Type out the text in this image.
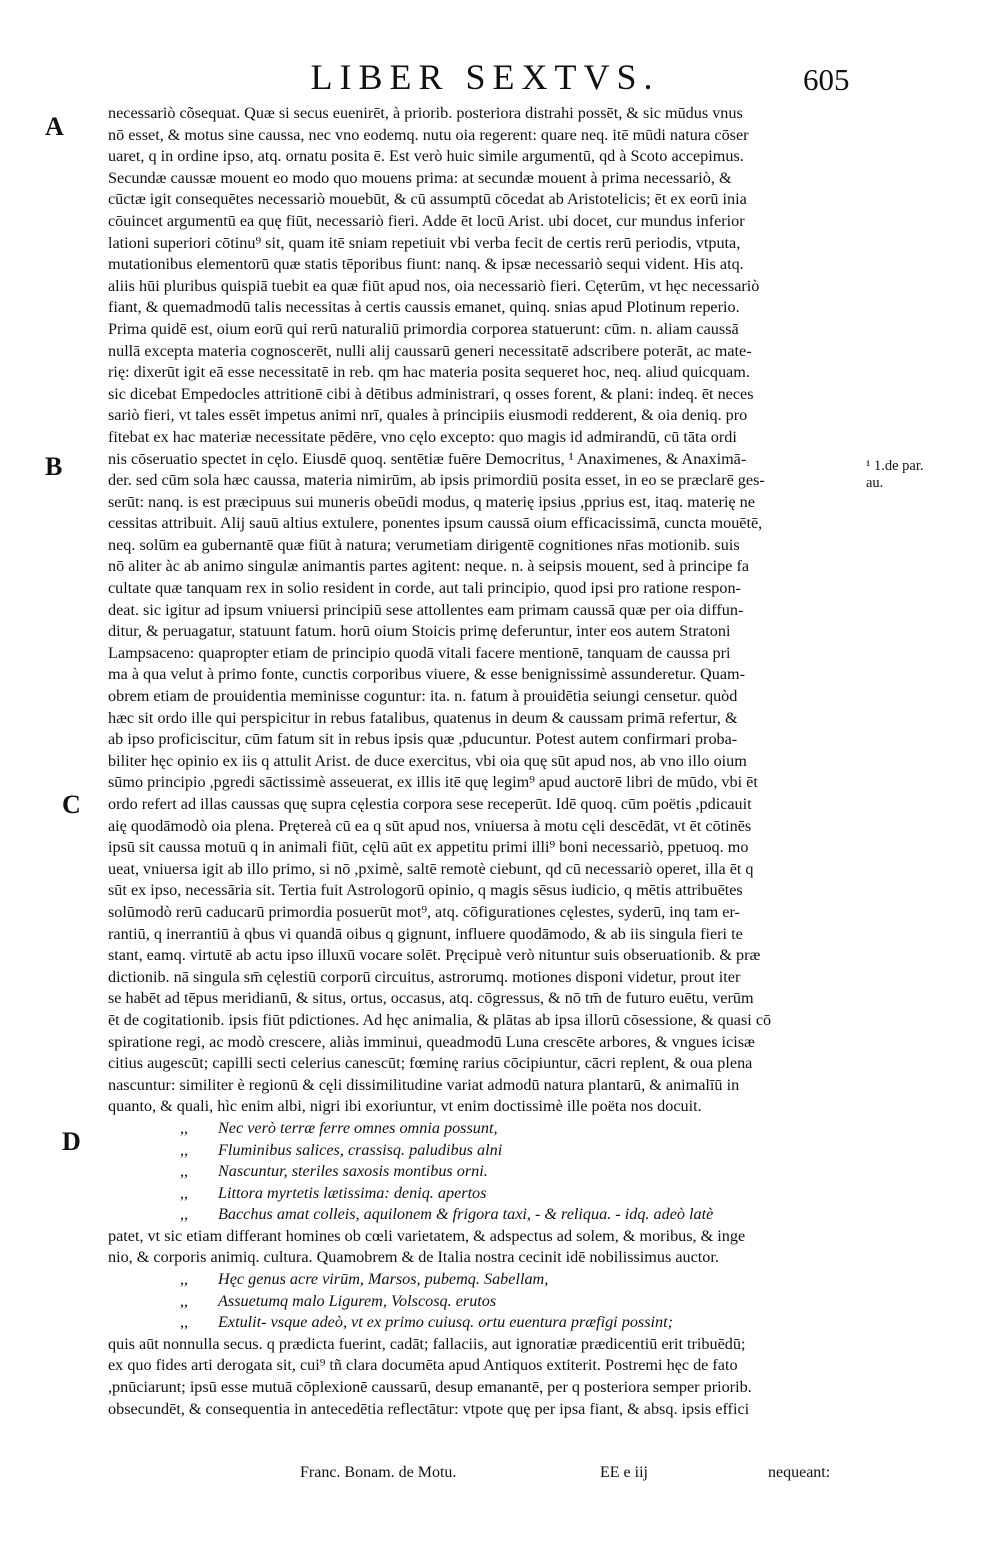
LIBER SEXTVS.	605
A
B
C
D
¹ 1.de par.
au.
necessariò cõsequat. Quæ si secus euenirēt, à priorib. posteriora distrahi possēt, & sic mūdus vnus
nō esset, & motus sine caussa, nec vno eodemq. nutu oia regerent: quare neq. itē mūdi natura cōser
uaret, q in ordine ipso, atq. ornatu posita ē. Est verò huic simile argumentū, qd à Scoto accepimus.
Secundæ caussæ mouent eo modo quo mouens prima: at secundæ mouent à prima necessariò, &
cūctæ igit consequētes necessariò mouebūt, & cū assumptū cōcedat ab Aristotelicis; ēt ex eorū inia
cōuincet argumentū ea quę fiūt, necessariò fieri. Adde ēt locū Arist. ubi docet, cur mundus inferior
lationi superiori cōtinu⁹ sit, quam itē sniam repetiuit vbi verba fecit de certis rerū periodis, vtputa,
mutationibus elementorū quæ statis tēporibus fiunt: nanq. & ipsæ necessariò sequi vident. His atq.
aliis hūi pluribus quispiā tuebit ea quæ fiūt apud nos, oia necessariò fieri. Cęterūm, vt hęc necessariò
fiant, & quemadmodū talis necessitas à certis caussis emanet, quinq. snias apud Plotinum reperio.
Prima quidē est, oium eorū qui rerū naturaliū primordia corporea statuerunt: cūm. n. aliam caussā
nullā excepta materia cognoscerēt, nulli alij caussarū generi necessitatē adscribere poterāt, ac mate-
rię: dixerūt igit eā esse necessitatē in reb. qm hac materia posita sequeret hoc, neq. aliud quicquam.
sic dicebat Empedocles attritionē cibi à dētibus administrari, q osses forent, & plani: indeq. ēt neces
sariò fieri, vt tales essēt impetus animi nrī, quales à principiis eiusmodi redderent, & oia deniq. pro
fitebat ex hac materiæ necessitate pēdēre, vno cęlo excepto: quo magis id admirandū, cū tāta ordi
nis cōseruatio spectet in cęlo. Eiusdē quoq. sentētiæ fuēre Democritus, ¹ Anaximenes, & Anaximā-
der. sed cūm sola hæc caussa, materia nimirūm, ab ipsis primordiū posita esset, in eo se præclarē ges-
serūt: nanq. is est præcipuus sui muneris obeūdi modus, q materię ipsius ,pprius est, itaq. materię ne
cessitas attribuit. Alij sauū altius extulere, ponentes ipsum caussā oium efficacissimā, cuncta mouētē,
neq. solūm ea gubernantē quæ fiūt à natura; verumetiam dirigentē cognitiones nr̄as motionib. suis
nō aliter àc ab animo singulæ animantis partes agitent: neque. n. à seipsis mouent, sed à principe fa
cultate quæ tanquam rex in solio resident in corde, aut tali principio, quod ipsi pro ratione respon-
deat. sic igitur ad ipsum vniuersi principiū sese attollentes eam primam caussā quæ per oia diffun-
ditur, & peruagatur, statuunt fatum. horū oium Stoicis primę deferuntur, inter eos autem Stratoni
Lampsaceno: quapropter etiam de principio quodā vitali facere mentionē, tanquam de caussa pri
ma à qua velut à primo fonte, cunctis corporibus viuere, & esse benignissimè assunderetur. Quam-
obrem etiam de prouidentia meminisse coguntur: ita. n. fatum à prouidētia seiungi censetur. quòd
hæc sit ordo ille qui perspicitur in rebus fatalibus, quatenus in deum & caussam primā refertur, &
ab ipso proficiscitur, cūm fatum sit in rebus ipsis quæ ,pducuntur. Potest autem confirmari proba-
biliter hęc opinio ex iis q attulit Arist. de duce exercitus, vbi oia quę sūt apud nos, ab vno illo oium
sūmo principio ,pgredi sāctissimè asseuerat, ex illis itē quę legim⁹ apud auctorē libri de mūdo, vbi ēt
ordo refert ad illas caussas quę supra cęlestia corpora sese receperūt. Idē quoq. cūm poëtis ,pdicauit
aię quodāmodò oia plena. Prętereà cū ea q sūt apud nos, vniuersa à motu cęli descēdāt, vt ēt cōtinēs
ipsū sit caussa motuū q in animali fiūt, cęlū aūt ex appetitu primi illi⁹ boni necessariò, ppetuoq. mo
ueat, vniuersa igit ab illo primo, si nō ,pximè, saltē remotè ciebunt, qd cū necessariò operet, illa ēt q
sūt ex ipso, necessāria sit. Tertia fuit Astrologorū opinio, q magis sēsus iudicio, q mētis attribuētes
solūmodò rerū caducarū primordia posuerūt mot⁹, atq. cōfigurationes cęlestes, syderū, inq tam er-
rantiū, q inerrantiū à qbus vi quandā oibus q gignunt, influere quodāmodo, & ab iis singula fieri te
stant, eamq. virtutē ab actu ipso illuxū vocare solēt. Pręcipuè verò nituntur suis obseruationib. & præ
dictionib. nā singula sm̄ cęlestiū corporū circuitus, astrorumq. motiones disponi videtur, prout iter
se habēt ad tēpus meridianū, & situs, ortus, occasus, atq. cōgressus, & nō tm̄ de futuro euētu, verūm
ēt de cogitationib. ipsis fiūt pdictiones. Ad hęc animalia, & plātas ab ipsa illorū cōsessione, & quasi cō
spiratione regi, ac modò crescere, aliàs imminui, queadmodū Luna crescēte arbores, & vngues icisæ
citius augescūt; capilli secti celerius canescūt; fœminę rarius cōcipiuntur, cācri replent, & oua plena
nascuntur: similiter è regionū & cęli dissimilitudine variat admodū natura plantarū, & animalīū in
quanto, & quali, hìc enim albi, nigri ibi exoriuntur, vt enim doctissimè ille poëta nos docuit.
,, Nec verò terræ ferre omnes omnia possunt,
,, Fluminibus salices, crassisq. paludibus alni
,, Nascuntur, steriles saxosis montibus orni.
,, Littora myrtetis lætissima: deniq. apertos
,, Bacchus amat colleis, aquilonem & frigora taxi, - & reliqua. - idq. adeò latè
patet, vt sic etiam differant homines ob cœli varietatem, & adspectus ad solem, & moribus, & inge
nio, & corporis animiq. cultura. Quamobrem & de Italia nostra cecinit idē nobilissimus auctor.
,, Hęc genus acre virūm, Marsos, pubemq. Sabellam,
,, Assuetumq malo Ligurem, Volscosq. erutos
,, Extulit- vsque adeò, vt ex primo cuiusq. ortu euentura præfigi possint;
quis aūt nonnulla secus. q prædicta fuerint, cadāt; fallaciis, aut ignoratiæ prædicentiū erit tribuēdū;
ex quo fides arti derogata sit, cui⁹ tñ clara documēta apud Antiquos extiterit. Postremi hęc de fato
,pnūciarunt; ipsū esse mutuā cōplexionē caussarū, desup emanantē, per q posteriora semper priorib.
obsecundēt, & consequentia in antecedētia reflectātur: vtpote quę per ipsa fiant, & absq. ipsis effici
Franc. Bonam. de Motu.	EE e iij	nequeant:
